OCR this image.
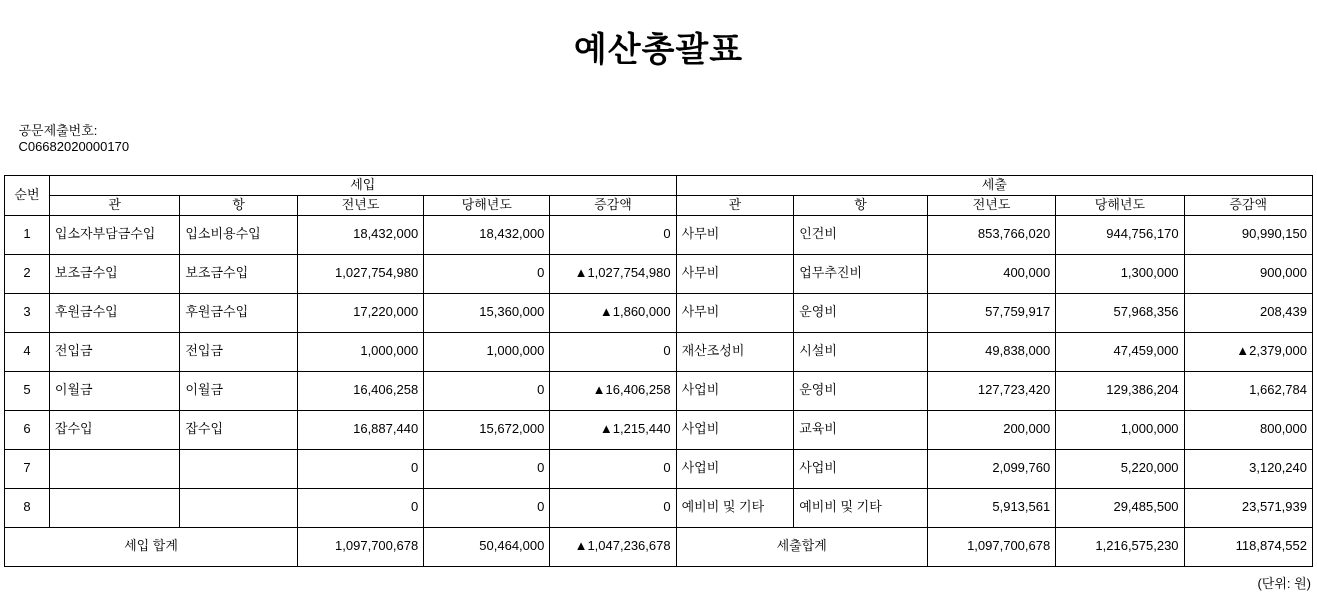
예산총괄표

공문제출번호:
C06682020000170

순번	세입					세출				
	관	항	전년도	당해년도	증감액	관	항	전년도	당해년도	증감액
1	입소자부담금수입	입소비용수입	18,432,000	18,432,000	0	사무비	인건비	853,766,020	944,756,170	90,990,150
2	보조금수입	보조금수입	1,027,754,980	0	▲1,027,754,980	사무비	업무추진비	400,000	1,300,000	900,000
3	후원금수입	후원금수입	17,220,000	15,360,000	▲1,860,000	사무비	운영비	57,759,917	57,968,356	208,439
4	전입금	전입금	1,000,000	1,000,000	0	재산조성비	시설비	49,838,000	47,459,000	▲2,379,000
5	이월금	이월금	16,406,258	0	▲16,406,258	사업비	운영비	127,723,420	129,386,204	1,662,784
6	잡수입	잡수입	16,887,440	15,672,000	▲1,215,440	사업비	교육비	200,000	1,000,000	800,000
7			0	0	0	사업비	사업비	2,099,760	5,220,000	3,120,240
8			0	0	0	예비비 및 기타	예비비 및 기타	5,913,561	29,485,500	23,571,939
세입 합계			1,097,700,678	50,464,000	▲1,047,236,678	세출합계		1,097,700,678	1,216,575,230	118,874,552
(단위: 원)
